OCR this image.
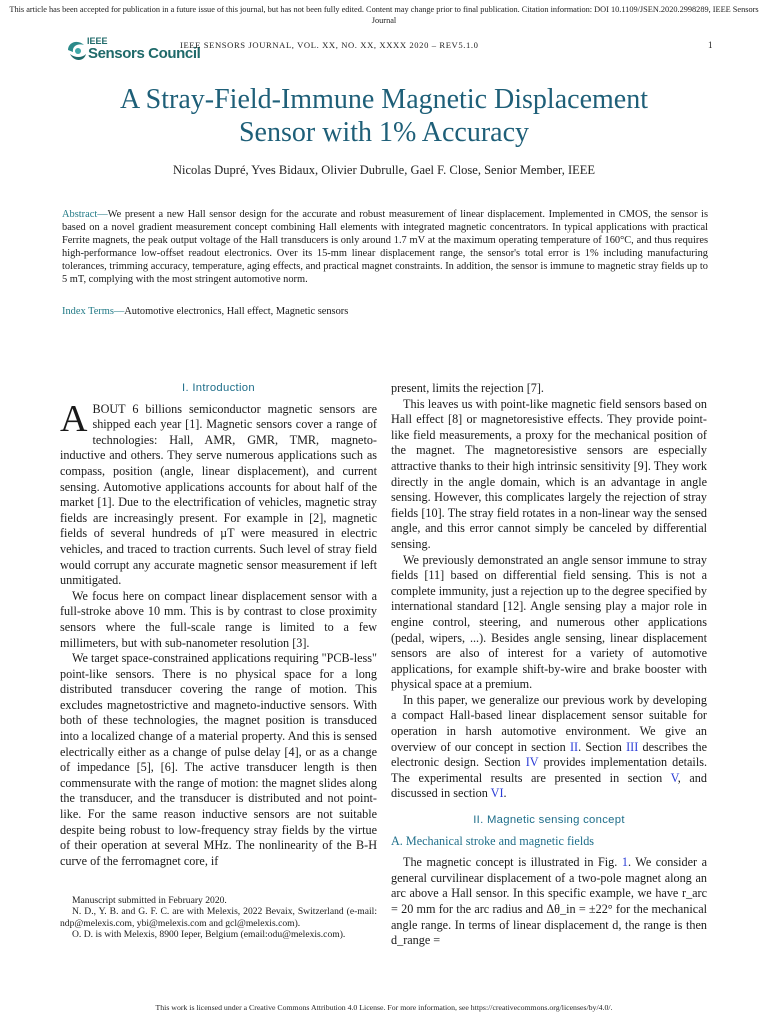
This article has been accepted for publication in a future issue of this journal, but has not been fully edited. Content may change prior to final publication. Citation information: DOI 10.1109/JSEN.2020.2998289, IEEE Sensors
Journal
IEEE
Sensors Council
IEEE SENSORS JOURNAL, VOL. XX, NO. XX, XXXX 2020 – REV5.1.0	1
A Stray-Field-Immune Magnetic Displacement
Sensor with 1% Accuracy
Nicolas Dupré, Yves Bidaux, Olivier Dubrulle, Gael F. Close, Senior Member, IEEE
Abstract—We present a new Hall sensor design for the accurate and robust measurement of linear displacement. Implemented in CMOS, the sensor is based on a novel gradient measurement concept combining Hall elements with integrated magnetic concentrators. In typical applications with practical Ferrite magnets, the peak output voltage of the Hall transducers is only around 1.7 mV at the maximum operating temperature of 160°C, and thus requires high-performance low-offset readout electronics. Over its 15-mm linear displacement range, the sensor's total error is 1% including manufacturing tolerances, trimming accuracy, temperature, aging effects, and practical magnet constraints. In addition, the sensor is immune to magnetic stray fields up to 5 mT, complying with the most stringent automotive norm.
Index Terms—Automotive electronics, Hall effect, Magnetic sensors
I. Introduction

ABOUT 6 billions semiconductor magnetic sensors are shipped each year [1]. Magnetic sensors cover a range of technologies: Hall, AMR, GMR, TMR, magneto-inductive and others. They serve numerous applications such as compass, position (angle, linear displacement), and current sensing. Automotive applications accounts for about half of the market [1]. Due to the electrification of vehicles, magnetic stray fields are increasingly present. For example in [2], magnetic fields of several hundreds of µT were measured in electric vehicles, and traced to traction currents. Such level of stray field would corrupt any accurate magnetic sensor measurement if left unmitigated.

We focus here on compact linear displacement sensor with a full-stroke above 10 mm. This is by contrast to close proximity sensors where the full-scale range is limited to a few millimeters, but with sub-nanometer resolution [3].

We target space-constrained applications requiring "PCB-less" point-like sensors. There is no physical space for a long distributed transducer covering the range of motion. This excludes magnetostrictive and magneto-inductive sensors. With both of these technologies, the magnet position is transduced into a localized change of a material property. And this is sensed electrically either as a change of pulse delay [4], or as a change of impedance [5], [6]. The active transducer length is then commensurate with the range of motion: the magnet slides along the transducer, and the transducer is distributed and not point-like. For the same reason inductive sensors are not suitable despite being robust to low-frequency stray fields by the virtue of their operation at several MHz. The nonlinearity of the B-H curve of the ferromagnet core, if

Manuscript submitted in February 2020.

N. D., Y. B. and G. F. C. are with Melexis, 2022 Bevaix, Switzerland (e-mail: ndp@melexis.com, ybi@melexis.com and gcl@melexis.com).

O. D. is with Melexis, 8900 Ieper, Belgium (email:odu@melexis.com).

present, limits the rejection [7].

This leaves us with point-like magnetic field sensors based on Hall effect [8] or magnetoresistive effects. They provide point-like field measurements, a proxy for the mechanical position of the magnet. The magnetoresistive sensors are especially attractive thanks to their high intrinsic sensitivity [9]. They work directly in the angle domain, which is an advantage in angle sensing. However, this complicates largely the rejection of stray fields [10]. The stray field rotates in a non-linear way the sensed angle, and this error cannot simply be canceled by differential sensing.

We previously demonstrated an angle sensor immune to stray fields [11] based on differential field sensing. This is not a complete immunity, just a rejection up to the degree specified by international standard [12]. Angle sensing play a major role in engine control, steering, and numerous other applications (pedal, wipers, ...). Besides angle sensing, linear displacement sensors are also of interest for a variety of automotive applications, for example shift-by-wire and brake booster with physical space at a premium.

In this paper, we generalize our previous work by developing a compact Hall-based linear displacement sensor suitable for operation in harsh automotive environment. We give an overview of our concept in section II. Section III describes the electronic design. Section IV provides implementation details. The experimental results are presented in section V, and discussed in section VI.

II. Magnetic sensing concept
A. Mechanical stroke and magnetic fields

The magnetic concept is illustrated in Fig. 1. We consider a general curvilinear displacement of a two-pole magnet along an arc above a Hall sensor. In this specific example, we have r_arc = 20 mm for the arc radius and Δθ_in = ±22° for the mechanical angle range. In terms of linear displacement d, the range is then d_range =

This work is licensed under a Creative Commons Attribution 4.0 License. For more information, see https://creativecommons.org/licenses/by/4.0/.
